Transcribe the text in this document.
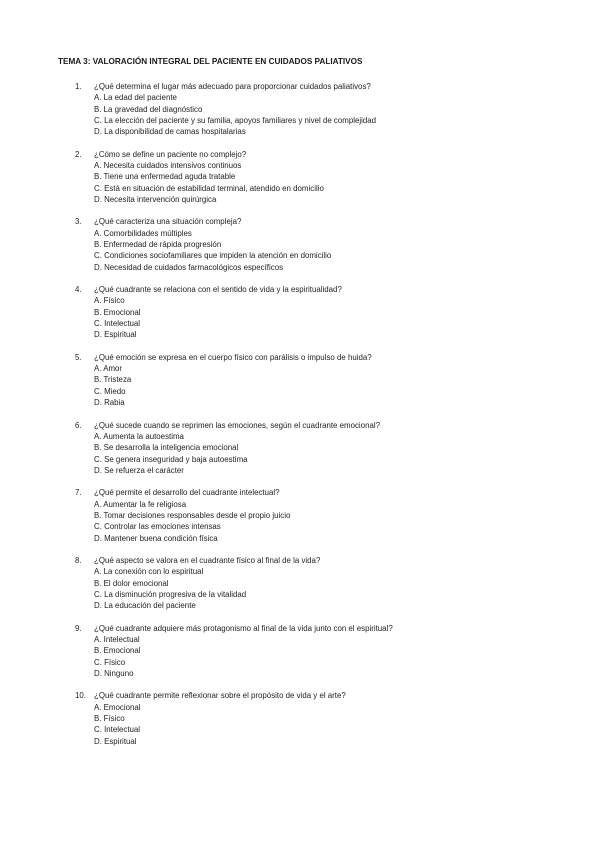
TEMA 3: VALORACIÓN INTEGRAL DEL PACIENTE EN CUIDADOS PALIATIVOS
1. ¿Qué determina el lugar más adecuado para proporcionar cuidados paliativos?
A. La edad del paciente
B. La gravedad del diagnóstico
C. La elección del paciente y su familia, apoyos familiares y nivel de complejidad
D. La disponibilidad de camas hospitalarias
2. ¿Cómo se define un paciente no complejo?
A. Necesita cuidados intensivos continuos
B. Tiene una enfermedad aguda tratable
C. Está en situación de estabilidad terminal, atendido en domicilio
D. Necesita intervención quirúrgica
3. ¿Qué caracteriza una situación compleja?
A. Comorbilidades múltiples
B. Enfermedad de rápida progresión
C. Condiciones sociofamiliares que impiden la atención en domicilio
D. Necesidad de cuidados farmacológicos específicos
4. ¿Qué cuadrante se relaciona con el sentido de vida y la espiritualidad?
A. Físico
B. Emocional
C. Intelectual
D. Espiritual
5. ¿Qué emoción se expresa en el cuerpo físico con parálisis o impulso de huida?
A. Amor
B. Tristeza
C. Miedo
D. Rabia
6. ¿Qué sucede cuando se reprimen las emociones, según el cuadrante emocional?
A. Aumenta la autoestima
B. Se desarrolla la inteligencia emocional
C. Se genera inseguridad y baja autoestima
D. Se refuerza el carácter
7. ¿Qué permite el desarrollo del cuadrante intelectual?
A. Aumentar la fe religiosa
B. Tomar decisiones responsables desde el propio juicio
C. Controlar las emociones intensas
D. Mantener buena condición física
8. ¿Qué aspecto se valora en el cuadrante físico al final de la vida?
A. La conexión con lo espiritual
B. El dolor emocional
C. La disminución progresiva de la vitalidad
D. La educación del paciente
9. ¿Qué cuadrante adquiere más protagonismo al final de la vida junto con el espiritual?
A. Intelectual
B. Emocional
C. Físico
D. Ninguno
10. ¿Qué cuadrante permite reflexionar sobre el propósito de vida y el arte?
A. Emocional
B. Físico
C. Intelectual
D. Espiritual
